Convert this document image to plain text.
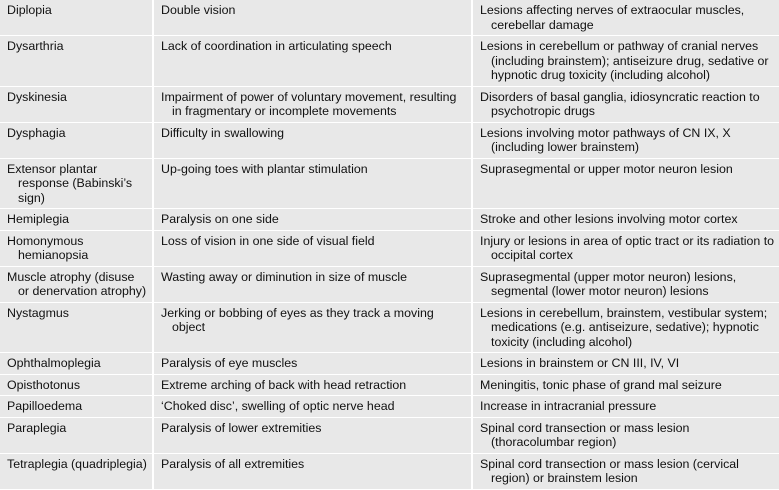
Diplopia	Double vision	Lesions affecting nerves of extraocular muscles, cerebellar damage

Dysarthria	Lack of coordination in articulating speech	Lesions in cerebellum or pathway of cranial nerves (including brainstem); antiseizure drug, sedative or hypnotic drug toxicity (including alcohol)

Dyskinesia	Impairment of power of voluntary movement, resulting in fragmentary or incomplete movements	Disorders of basal ganglia, idiosyncratic reaction to psychotropic drugs

Dysphagia	Difficulty in swallowing	Lesions involving motor pathways of CN IX, X (including lower brainstem)

Extensor plantar response (Babinski’s sign)	Up-going toes with plantar stimulation	Suprasegmental or upper motor neuron lesion

Hemiplegia	Paralysis on one side	Stroke and other lesions involving motor cortex

Homonymous hemianopsia	Loss of vision in one side of visual field	Injury or lesions in area of optic tract or its radiation to occipital cortex

Muscle atrophy (disuse or denervation atrophy)	Wasting away or diminution in size of muscle	Suprasegmental (upper motor neuron) lesions, segmental (lower motor neuron) lesions

Nystagmus	Jerking or bobbing of eyes as they track a moving object	Lesions in cerebellum, brainstem, vestibular system; medications (e.g. antiseizure, sedative); hypnotic toxicity (including alcohol)

Ophthalmoplegia	Paralysis of eye muscles	Lesions in brainstem or CN III, IV, VI

Opisthotonus	Extreme arching of back with head retraction	Meningitis, tonic phase of grand mal seizure

Papilloedema	‘Choked disc’, swelling of optic nerve head	Increase in intracranial pressure

Paraplegia	Paralysis of lower extremities	Spinal cord transection or mass lesion (thoracolumbar region)

Tetraplegia (quadriplegia)	Paralysis of all extremities	Spinal cord transection or mass lesion (cervical region) or brainstem lesion
